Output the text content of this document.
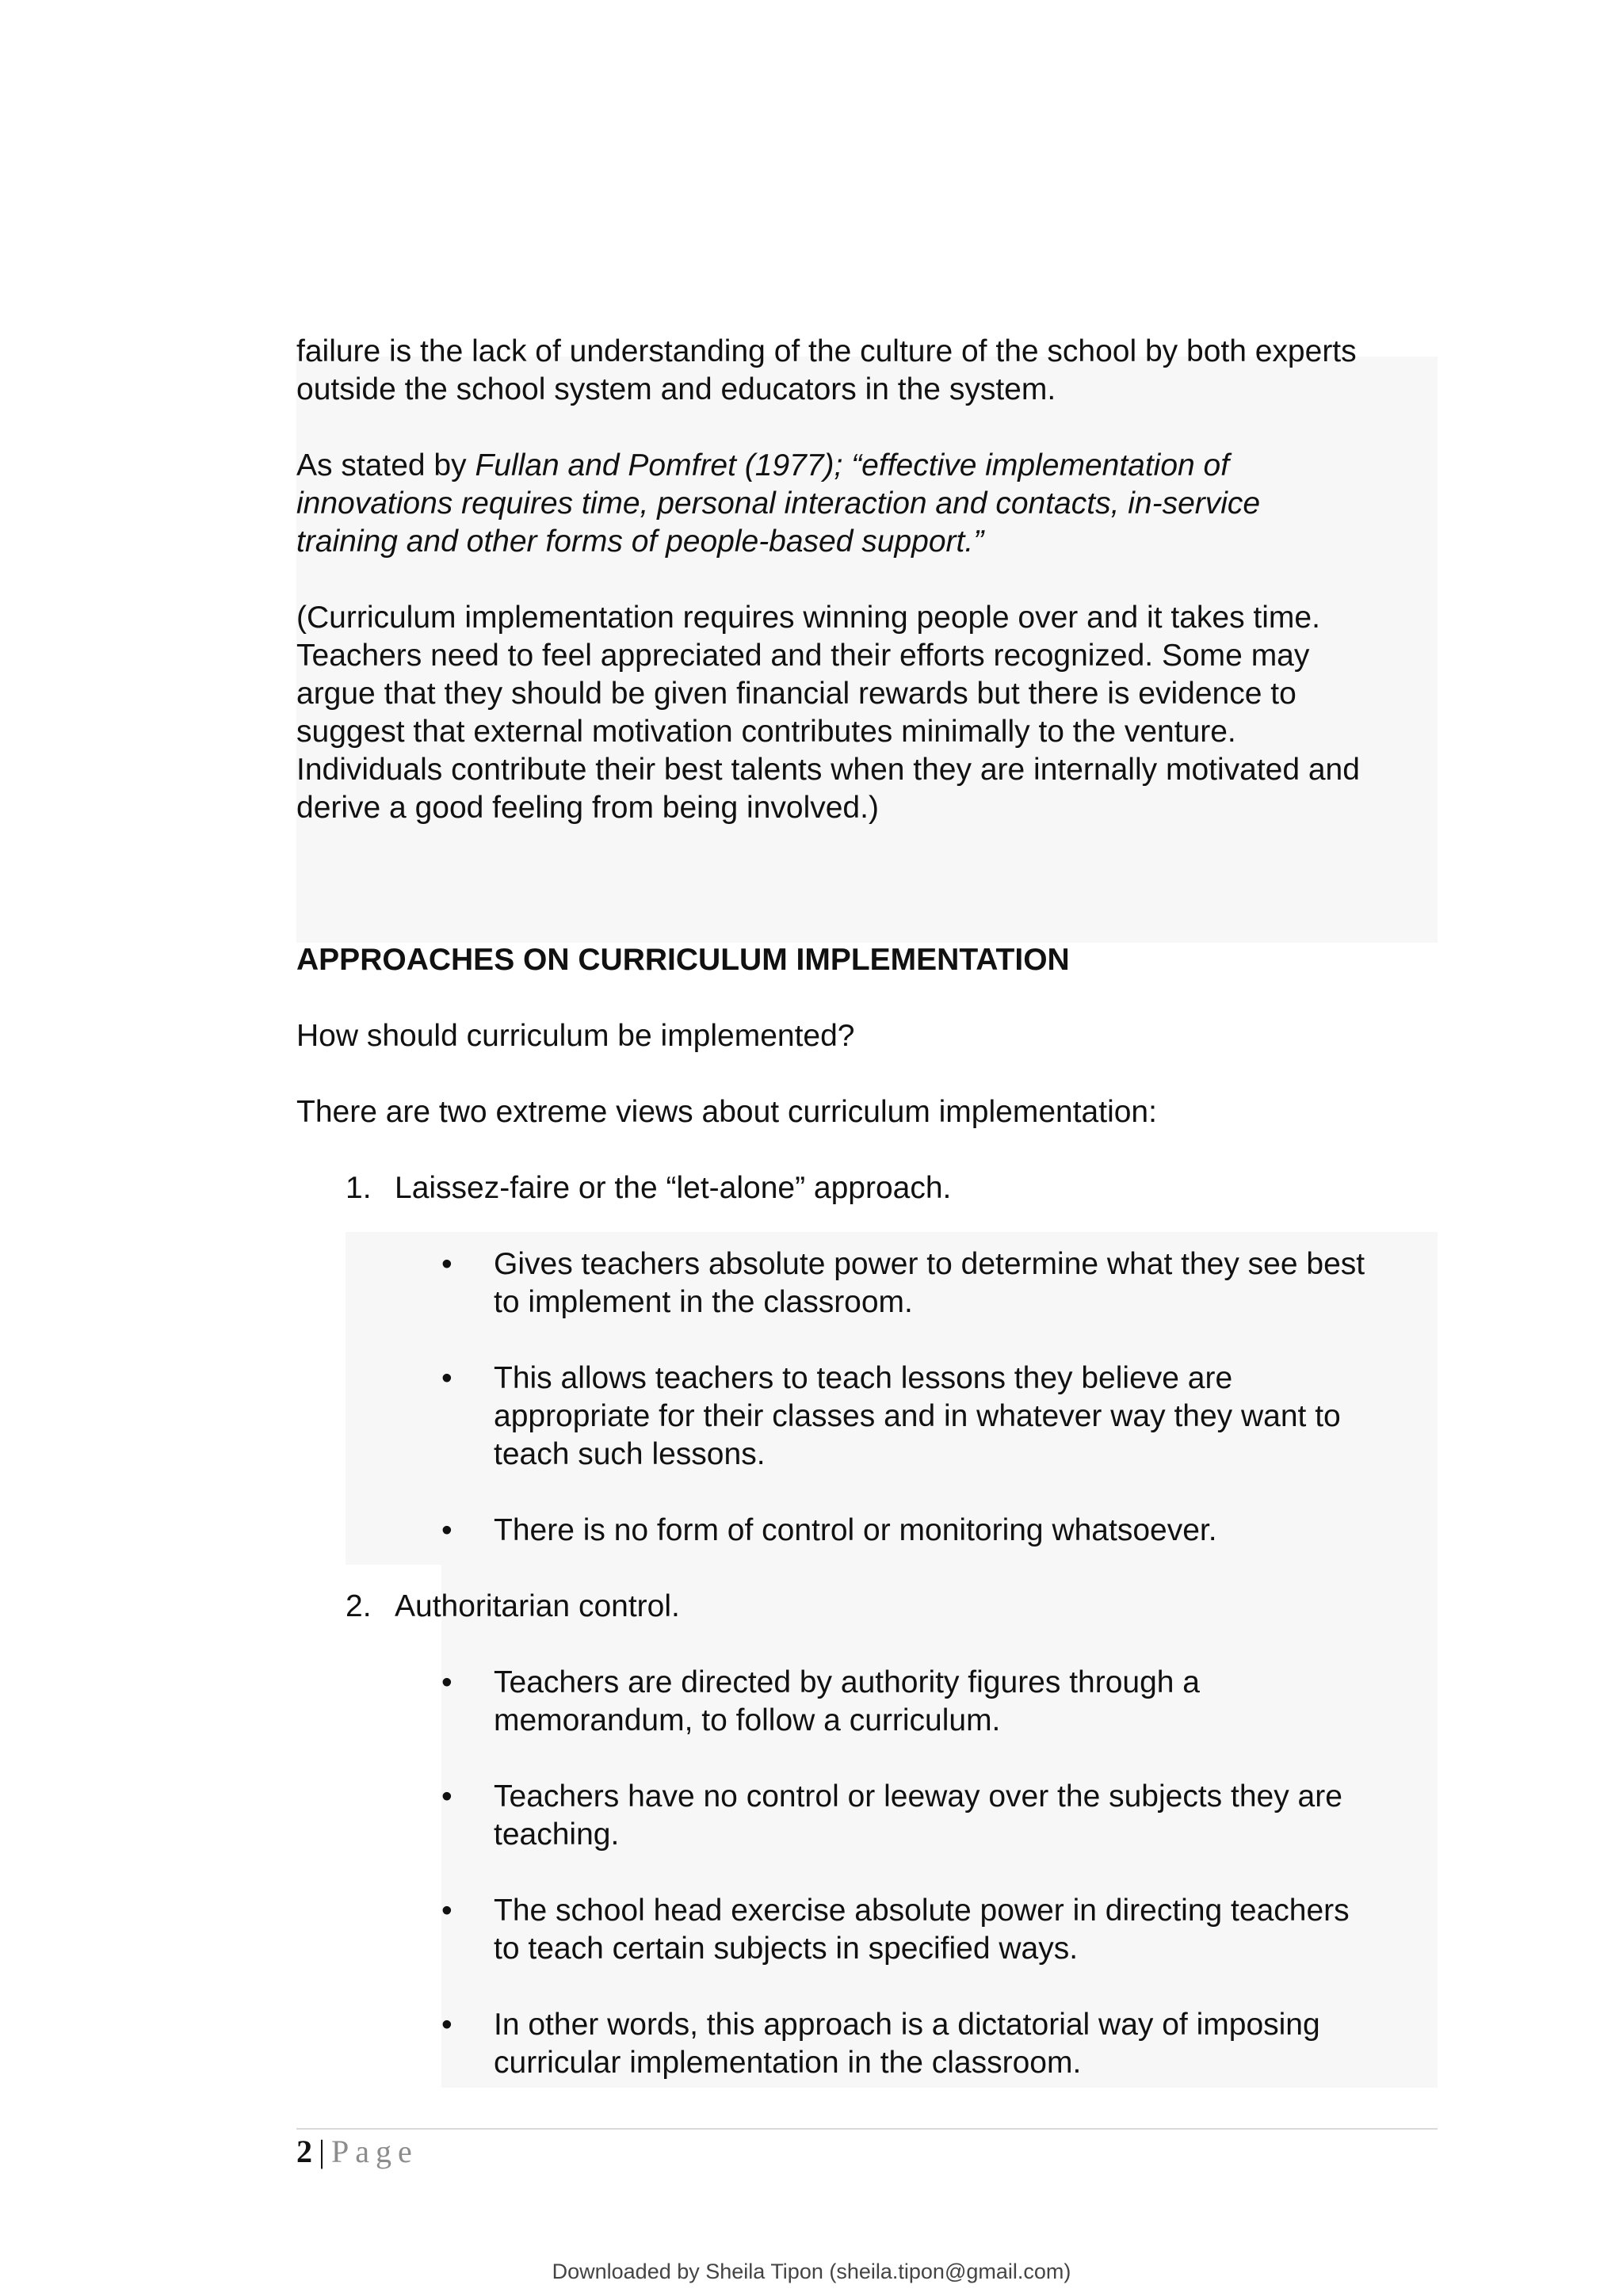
failure is the lack of understanding of the culture of the school by both experts
outside the school system and educators in the system.
As stated by Fullan and Pomfret (1977); “effective implementation of
innovations requires time, personal interaction and contacts, in-service
training and other forms of people-based support.”
(Curriculum implementation requires winning people over and it takes time.
Teachers need to feel appreciated and their efforts recognized. Some may
argue that they should be given financial rewards but there is evidence to
suggest that external motivation contributes minimally to the venture.
Individuals contribute their best talents when they are internally motivated and
derive a good feeling from being involved.)
APPROACHES ON CURRICULUM IMPLEMENTATION
How should curriculum be implemented?
There are two extreme views about curriculum implementation:
1. Laissez-faire or the “let-alone” approach.
• Gives teachers absolute power to determine what they see best
to implement in the classroom.
• This allows teachers to teach lessons they believe are
appropriate for their classes and in whatever way they want to
teach such lessons.
• There is no form of control or monitoring whatsoever.
2. Authoritarian control.
• Teachers are directed by authority figures through a
memorandum, to follow a curriculum.
• Teachers have no control or leeway over the subjects they are
teaching.
• The school head exercise absolute power in directing teachers
to teach certain subjects in specified ways.
• In other words, this approach is a dictatorial way of imposing
curricular implementation in the classroom.
2 | Page
Downloaded by Sheila Tipon (sheila.tipon@gmail.com)
